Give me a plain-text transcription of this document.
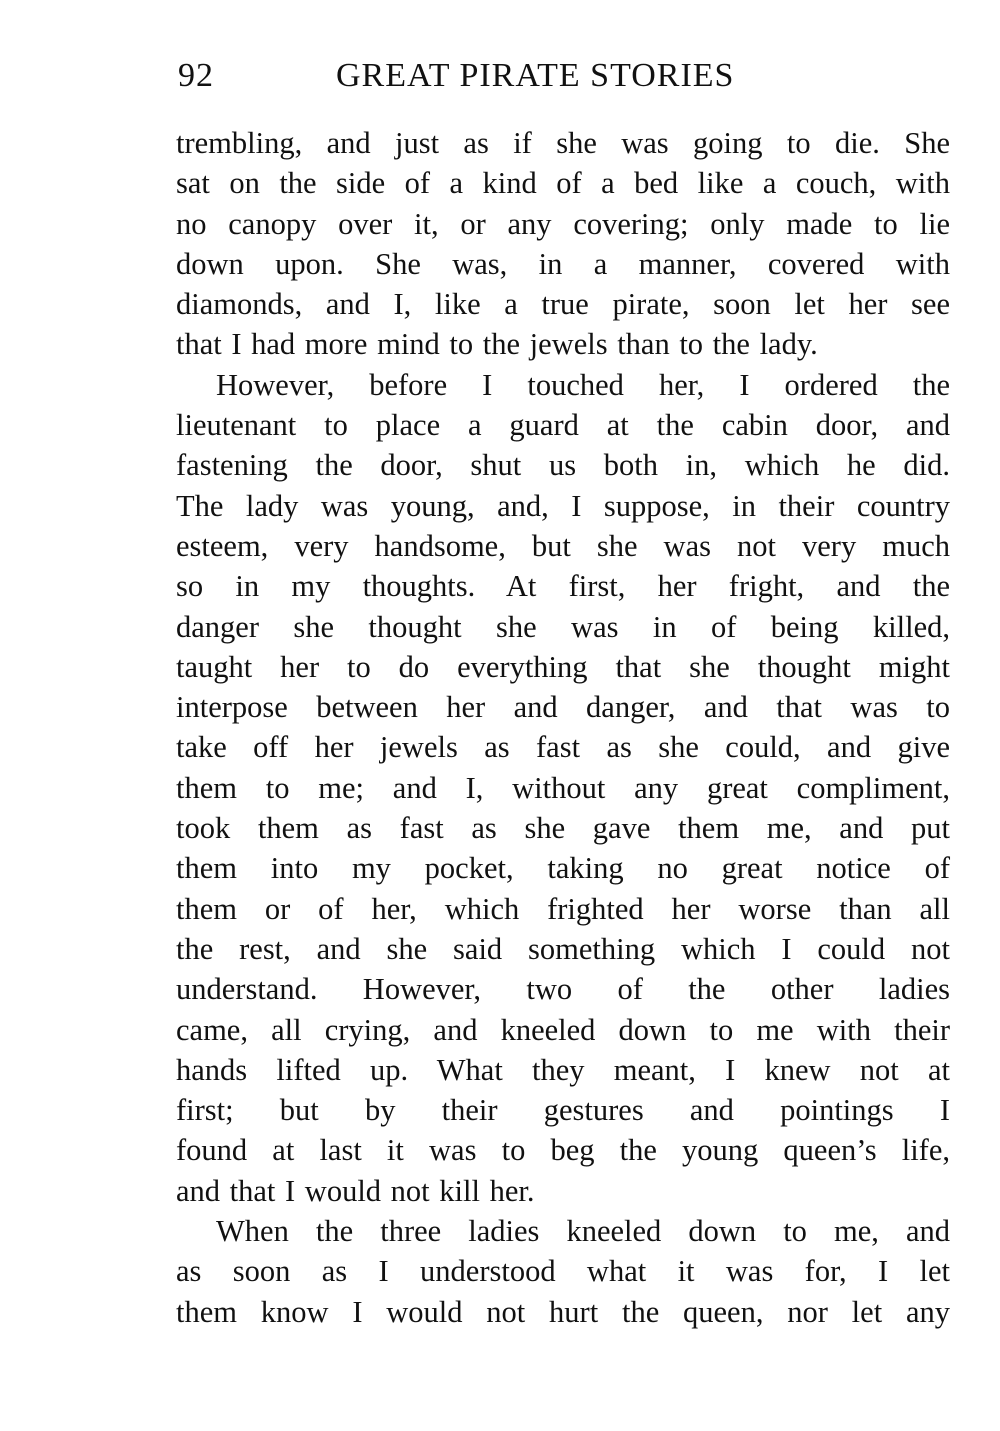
92	GREAT PIRATE STORIES
trembling, and just as if she was going to die. She
sat on the side of a kind of a bed like a couch, with
no canopy over it, or any covering; only made to lie
down upon. She was, in a manner, covered with
diamonds, and I, like a true pirate, soon let her see
that I had more mind to the jewels than to the lady.
However, before I touched her, I ordered the
lieutenant to place a guard at the cabin door, and
fastening the door, shut us both in, which he did.
The lady was young, and, I suppose, in their country
esteem, very handsome, but she was not very much
so in my thoughts. At first, her fright, and the
danger she thought she was in of being killed,
taught her to do everything that she thought might
interpose between her and danger, and that was to
take off her jewels as fast as she could, and give
them to me; and I, without any great compliment,
took them as fast as she gave them me, and put
them into my pocket, taking no great notice of
them or of her, which frighted her worse than all
the rest, and she said something which I could not
understand. However, two of the other ladies
came, all crying, and kneeled down to me with their
hands lifted up. What they meant, I knew not at
first; but by their gestures and pointings I
found at last it was to beg the young queen’s life,
and that I would not kill her.
When the three ladies kneeled down to me, and
as soon as I understood what it was for, I let
them know I would not hurt the queen, nor let any
